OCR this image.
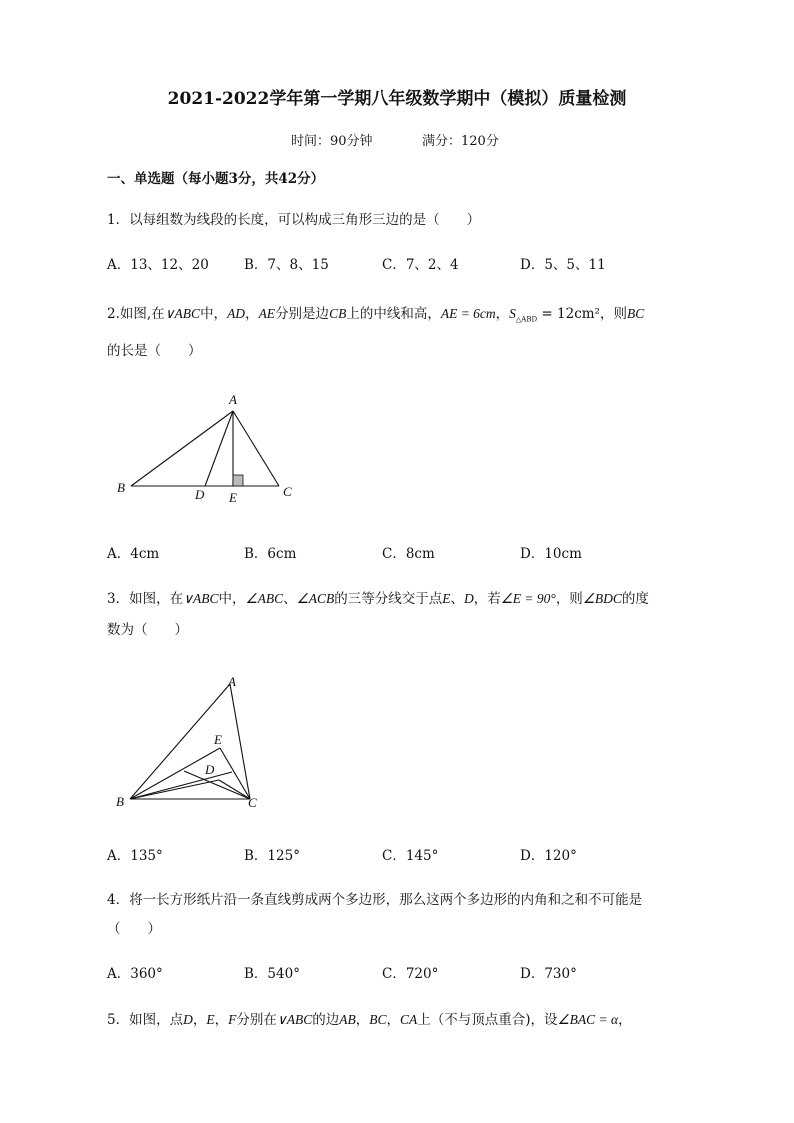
2021-2022学年第一学期八年级数学期中（模拟）质量检测
时间：90分钟	满分：120分
一、单选题（每小题3分，共42分）
1．以每组数为线段的长度，可以构成三角形三边的是（　　）
A．13、12、20	B．7、8、15	C．7、2、4	D．5、5、11
2.如图,在∨ABC中，AD，AE分别是边CB上的中线和高，AE = 6cm，$S_{\triangle ABD} = 12cm^2$，则BC
的长是（　　）
A
B	C
D E
A．4cm	B．6cm	C．8cm	D．10cm
3．如图，在∨ABC中，∠ABC、∠ACB的三等分线交于点E、D，若∠E = 90°，则∠BDC的度
数为（　　）
A
B	C
D
E
A．135°	B．125°	C．145°	D．120°
4．将一长方形纸片沿一条直线剪成两个多边形，那么这两个多边形的内角和之和不可能是
（　　）
A．360°	B．540°	C．720°	D．730°
5．如图，点D，E，F分别在∨ABC的边AB，BC，CA上（不与顶点重合)，设∠BAC = α，
